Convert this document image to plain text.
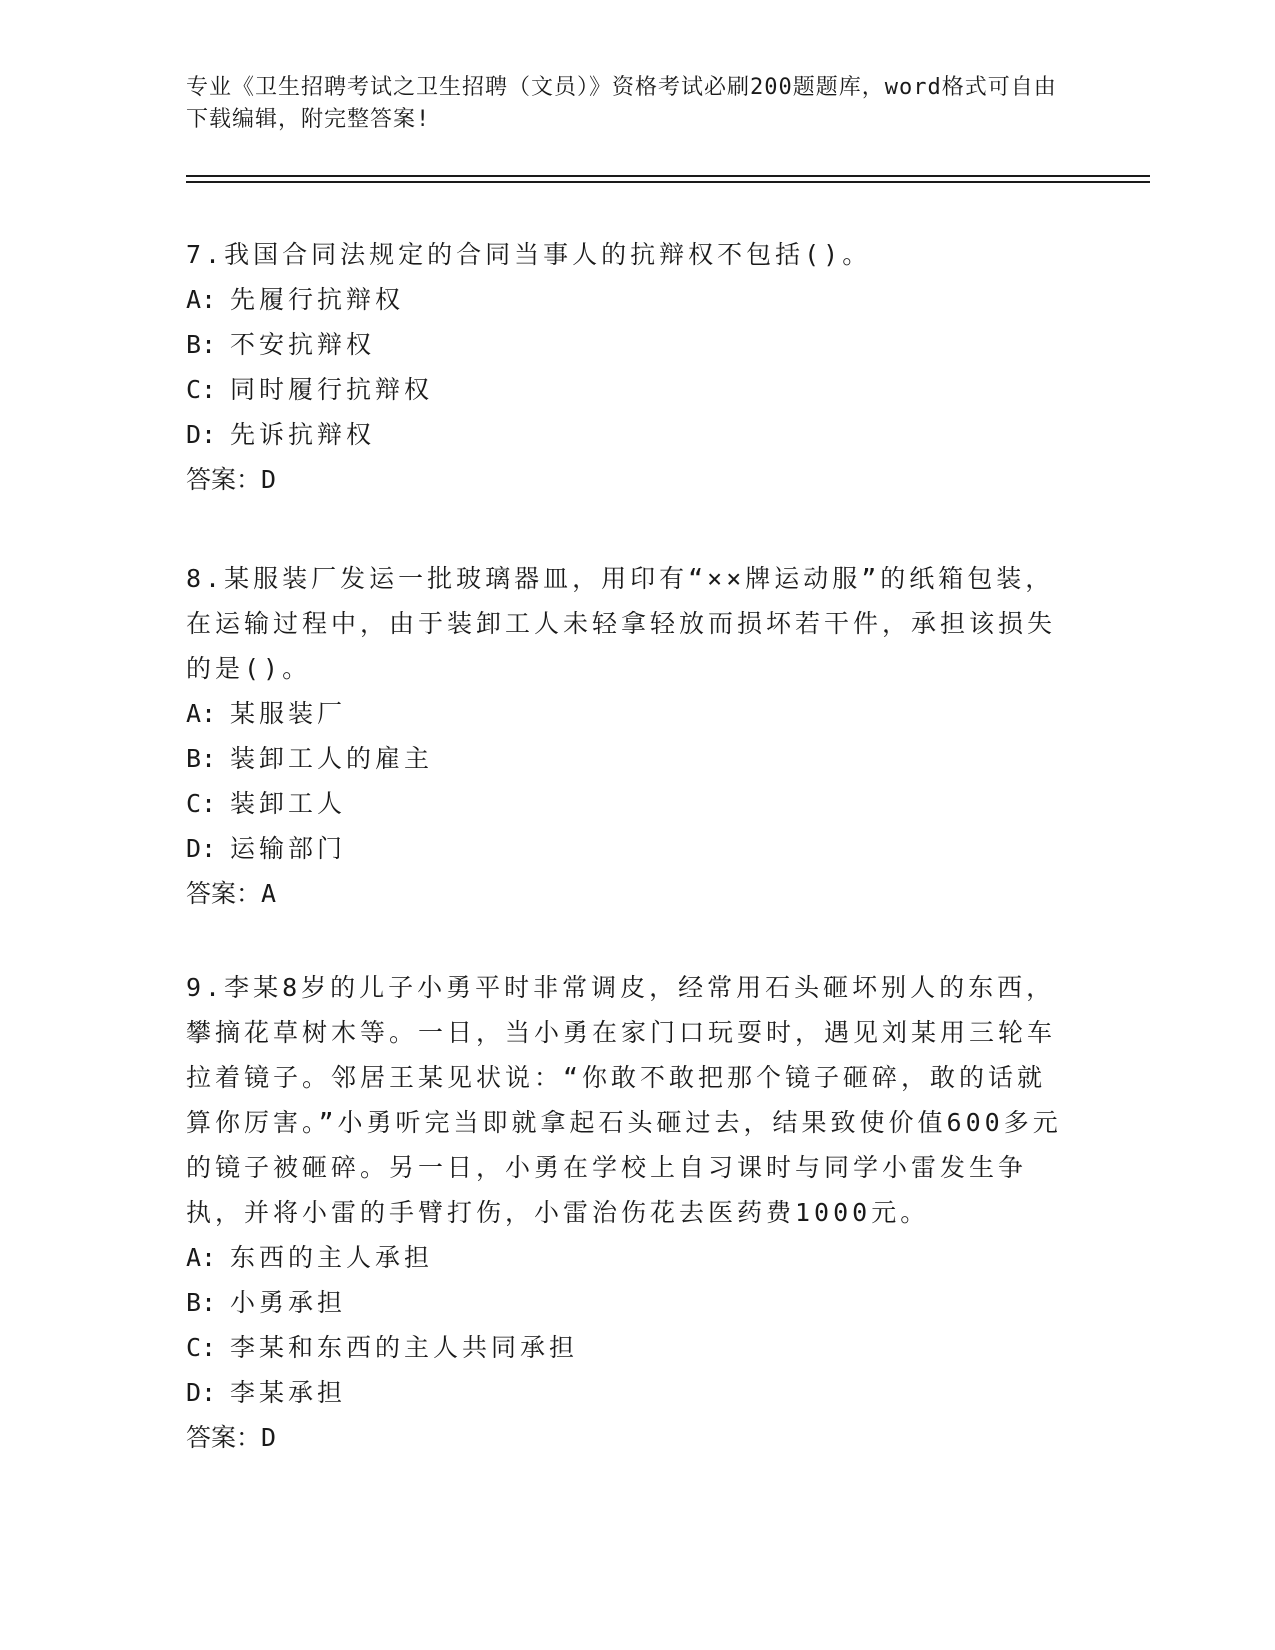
专业《卫生招聘考试之卫生招聘（文员）》资格考试必刷200题题库，word格式可自由下载编辑，附完整答案!
7.我国合同法规定的合同当事人的抗辩权不包括()。
A: 先履行抗辩权
B: 不安抗辩权
C: 同时履行抗辩权
D: 先诉抗辩权
答案：D
8.某服装厂发运一批玻璃器皿，用印有“××牌运动服”的纸箱包装，在运输过程中，由于装卸工人未轻拿轻放而损坏若干件，承担该损失的是()。
A: 某服装厂
B: 装卸工人的雇主
C: 装卸工人
D: 运输部门
答案：A
9.李某8岁的儿子小勇平时非常调皮，经常用石头砸坏别人的东西，攀摘花草树木等。一日，当小勇在家门口玩耍时，遇见刘某用三轮车拉着镜子。邻居王某见状说：“你敢不敢把那个镜子砸碎，敢的话就算你厉害。”小勇听完当即就拿起石头砸过去，结果致使价值600多元的镜子被砸碎。另一日，小勇在学校上自习课时与同学小雷发生争执，并将小雷的手臂打伤，小雷治伤花去医药费1000元。
A: 东西的主人承担
B: 小勇承担
C: 李某和东西的主人共同承担
D: 李某承担
答案：D
